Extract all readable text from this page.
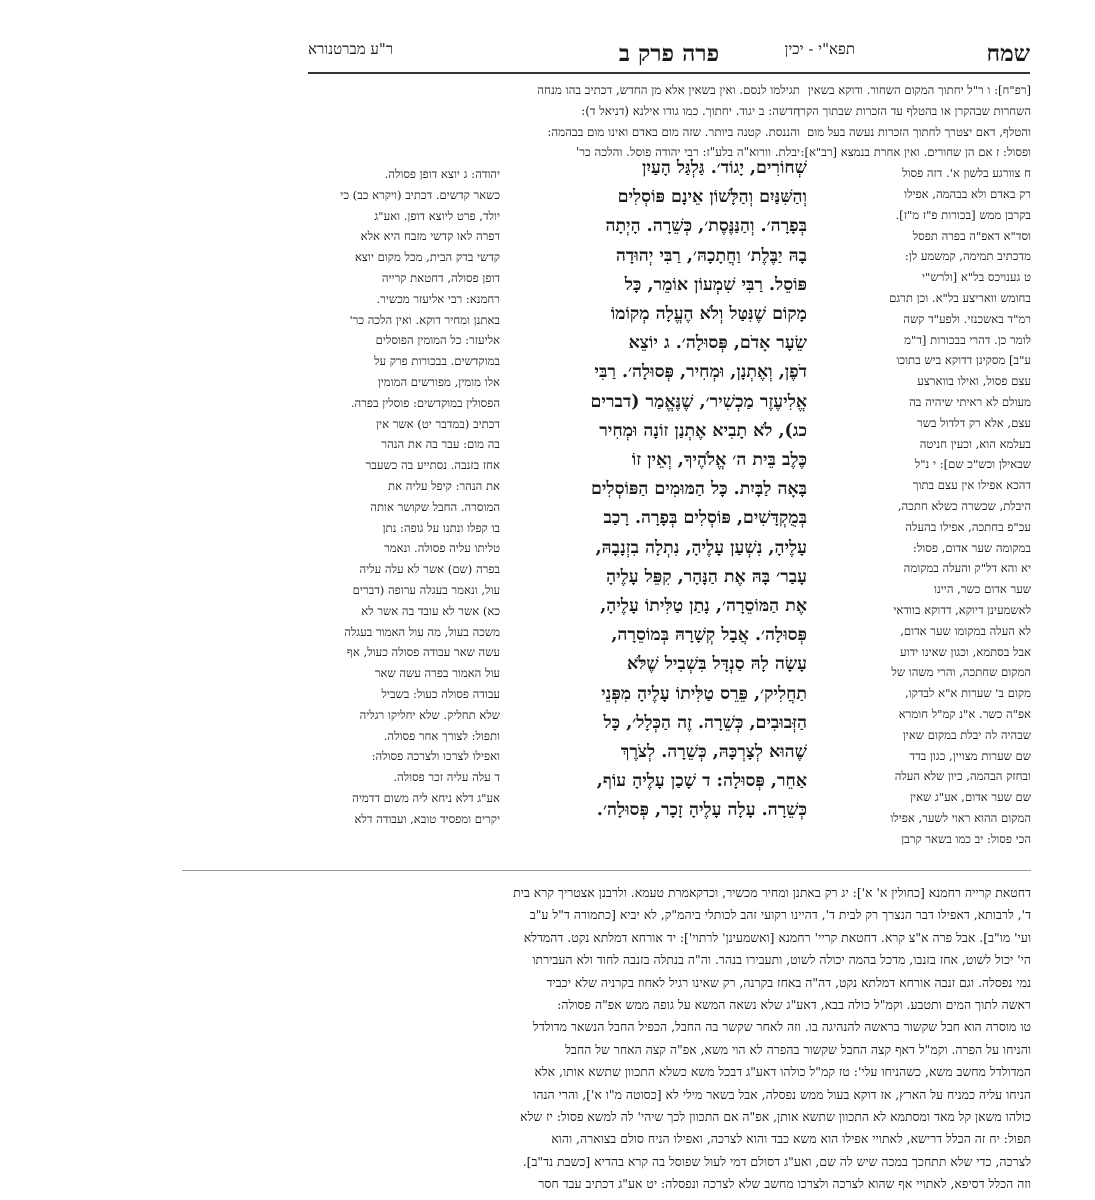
שמח
תפא"י - יכין
פרה פרק ב
ר"ע מברטנורא

[רפ"ח]: ו ר"ל יחתוך המקום השחור. ודוקא בשאין

השחרות שבהקרן או בהטלף עד הזכרות שבתוך הקרן

והטלף, דאם יצטרך לחתוך הזכרות נעשה בעל מום

ופסול: ז אם הן שחורים. ואין אחרת בנמצא [רב"א]:

ח צוורגע בלשון א'. דזה פסול

רק באדם ולא בבהמה, אפילו

בקרבן ממש [בכורות פ"ז מ"ז].

וסד"א דאפ"ה בפרה תפסל

מדכתיב תמימה, קמשמע לן:

ט גענויכס בל"א [ולרש"י

בחומש וואריצע בל"א. וכן תרגם

רמ"ד באשכנזי. ולפע"ד קשה

לומר כן. דהרי בבכורות [ד"מ

ע"ב] מסקינן דדוקא ביש בתוכו

עצם פסול, ואילו בווארצע

מעולם לא ראיתי שיהיה בה

עצם, אלא רק דלדול בשר

בעלמא הוא, וכעין חניטה

שבאילן וכש"כ שם]: י נ"ל

דהכא אפילו אין עצם בתוך

היבלת, שכשרה כשלא חתכה,

עכ"פ בחתכה, אפילו בהעלה

במקומה שער אדום, פסול:

יא והא דל"ק והעלה במקומה

שער אדום כשר, היינו

לאשמעינן דיוקא, דדוקא בוודאי

לא העלה במקומו שער אדום,

אבל בסתמא, וכגון שאינו ידוע

המקום שחתכה, והרי משהו של

מקום ב' שערות א"א לבדקו,

אפ"ה כשר. א"נ קמ"ל חומרא

שבהיה לה יבלת במקום שאין

שם שערות מצויין, כגון בדד

ובחזק הבהמה, כיון שלא העלה

שם שער אדום, אע"ג שאין

המקום ההוא ראוי לשער, אפילו

הכי פסול: יב כמו בשאר קרבן

שְׁחוֹרִים, יָגוֹד׳. גַּלְגַּל הָעַיִן

וְהַשִּׁנַּיִם וְהַלָּשׁוֹן אֵינָם פּוֹסְלִים

בְּפָרָה׳. וְהַנַּנֶּסֶת׳, כְּשֵׁרָה. הָיְתָה

בָהּ יַבֶּלֶת׳ וַחֲתָכָהּ׳, רַבִּי יְהוּדָה

פּוֹסֵל. רַבִּי שִׁמְעוֹן אוֹמֵר, כָּל

מָקוֹם שֶׁנִּטַּל וְלֹא הֶעֱלָה מְקוֹמוֹ

שֵׂעָר אָדֹם, פְּסוּלָה׳. ג יוֹצֵא

דֹפֶן, וְאֶתְנָן, וּמְחִיר, פְּסוּלָה׳. רַבִּי

אֱלִיעֶזֶר מַכְשִׁיר׳, שֶׁנֶּאֱמַר (דברים

כג), לֹא תָבִיא אֶתְנַן זוֹנָה וּמְחִיר

כֶּלֶב בֵּית ה׳ אֱלֹהֶיךָ, וְאֵין זוֹ

בָּאָה לַבָּיִת. כָּל הַמּוּמִים הַפּוֹסְלִים

בְּמֻקְדָּשִׁים, פּוֹסְלִים בְּפָרָה. רָכַב

עָלֶיהָ, נִשְׁעַן עָלֶיהָ, נִתְלָה בִזְנָבָהּ,

עָבַר׳ בָּהּ אֶת הַנָּהָר, קִפֵּל עָלֶיהָ

אֶת הַמּוֹסֵרָה׳, נָתַן טַלִּיתוֹ עָלֶיהָ,

פְּסוּלָה׳. אֲבָל קְשָׁרָהּ בְּמוֹסֵרָה,

עָשָׂה לָהּ סַנְדָּל בִּשְׁבִיל שֶׁלֹּא

תַחֲלִיק׳, פֵּרֵס טַלִּיתוֹ עָלֶיהָ מִפְּנֵי

הַזְּבוּבִים, כְּשֵׁרָה. זֶה הַכְּלָל׳, כָּל

שֶׁהוּא לְצָרְכָּהּ, כְּשֵׁרָה. לְצֹרֶךְ

אַחֵר, פְּסוּלָה: ד שָׁכַן עָלֶיהָ עוֹף,

כְּשֵׁרָה. עָלָה עָלֶיהָ זָכָר, פְּסוּלָה׳.

תגילמו לנסם. ואין בשאין אלא מן החדש, דכתיב בהו מנחה

חדשה: ב יגוד. יחתוך. כמו גודו אילנא (דניאל ד):

והננסת. קטנה ביותר. שזה מום באדם ואינו מום בבהמה:

יבלת. וורוא"ה בלע"ז: רבי יהודה פוסל. והלכה כר'

יהודה: ג יוצא דופן פסולה.

כשאר קדשים. דכתיב (ויקרא כב) כי

יולד, פרט ליוצא דופן. ואע"ג

דפרה לאו קדשי מזבח היא אלא

קדשי בדק הבית, מכל מקום יוצא

דופן פסולה, דחטאת קרייה

רחמנא: רבי אליעזר מכשיר.

באתנן ומחיר דוקא. ואין הלכה כר'

אליעזר: כל המומין הפוסלים

במוקדשים. בבכורות פרק על

אלו מומין, מפורשים המומין

הפסולין במוקדשים: פוסלין בפרה.

דכתיב (במדבר יט) אשר אין

בה מום: עבר בה את הנהר

אחז בזנבה. נסתייע בה כשעבר

את הנהר: קיפל עליה את

המוסרה. החבל שקושר אותה

בו קפלו ונתנו על גופה: נתן

טליתו עליה פסולה. ונאמר

בפרה (שם) אשר לא עלה עליה

עול, ונאמר בעגלה ערופה (דברים

כא) אשר לא עובד בה אשר לא

משכה בעול, מה עול האמור בעגלה

עשה שאר עבודה פסולה כעול, אף

עול האמור בפרה עשה שאר

עבודה פסולה כעול: בשביל

שלא תחליק. שלא יחליקו רגליה

ותפול: לצורך אחר פסולה.

ואפילו לצרכו ולצרכה פסולה:

ד עלה עליה זכר פסולה.

אע"ג דלא ניחא ליה משום דדמיה

יקרים ומפסיד טובא, ועבודה דלא

דחטאת קרייה רחמנא [כחולין א' א']: יג רק באתנן ומחיר מכשיר, וכדקאמרת טעמא. ולרבנן אצטריך קרא בית

ד', לרבותא, דאפילו דבר הנצרך רק לבית ד', דהיינו רקועי זהב לכותלי ביהמ"ק, לא יביא [כתמורה ד"ל ע"ב

ועי' מו"ב]. אבל פרה א"צ קרא. דחטאת קריי' רחמנא [ואשמעינן' לרתוי']: יד אורחא דמלתא נקט. דהמדלא

הי' יכול לשוט, אחז בזנבו, מדכל בהמה יכולה לשוט, ותעבירו בנהר. וה"ה בנתלה בזנבה לחוד ולא העבירתו

נמי נפסלה. וגם זנבה אורחא דמלתא נקט, דה"ה באחז בקרנה, רק שאינו רגיל לאחוז בקרניה שלא יכביד

ראשה לתוך המים ותטבע. וקמ"ל כולה בבא, דאע"ג שלא נשאה המשא על גופה ממש אפ"ה פסולה:

טו מוסרה הוא חבל שקשור בראשה להנהיגה בו. וזה לאחר שקשר בה החבל, הכפיל החבל הנשאר מדולדל

והניחו על הפרה. וקמ"ל דאף קצה החבל שקשור בהפרה לא הוי משא, אפ"ה קצה האחר של החבל

המדולדל מחשב משא, כשהניחו עלי': טז קמ"ל כולהו דאע"ג דבכל משא כשלא התכוון שתשא אותו, אלא

הניחו עליה כמניח על הארץ, אז דוקא בעול ממש נפסלה, אבל בשאר מילי לא [כסוטה מ"ו א'], והרי הנהו

כולהו משאן קל מאד ומסתמא לא התכוון שתשא אותן, אפ"ה אם התכוון לכך שיהי' לה למשא פסול: יז שלא

תפול: יח זה הכלל דרישא, לאתויי אפילו הוא משא כבד והוא לצרכה, ואפילו הניח סולם בצוארה, והוא

לצרכה, כדי שלא תתחכך במכה שיש לה שם, ואע"ג דסולם דמי לעול שפוסל בה קרא בהדיא [כשבת נד"ב].

וזה הכלל דסיפא, לאתויי אף שהוא לצרכה ולצרכו מחשב שלא לצרכה ונפסלה: יט אע"ג דכתיב עבד חסר
